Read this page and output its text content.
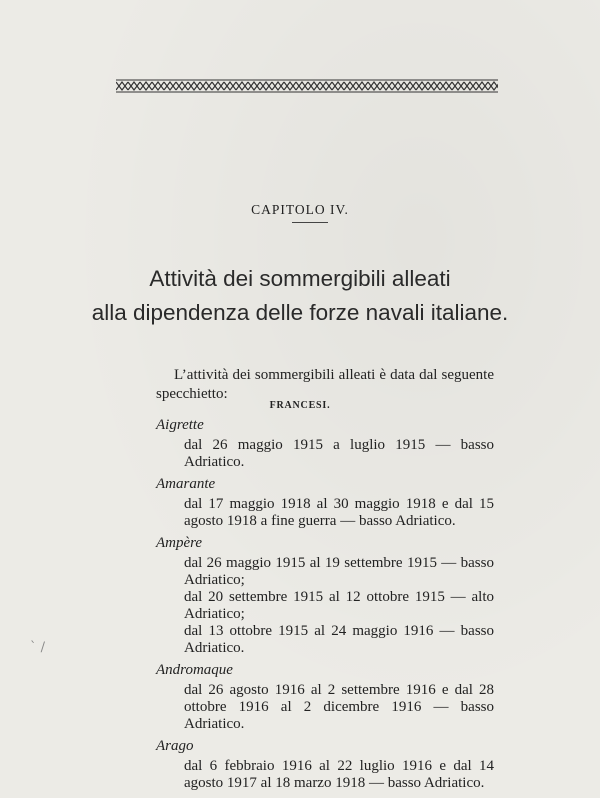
CAPITOLO IV.
Attività dei sommergibili alleati
alla dipendenza delle forze navali italiane.
L’attività dei sommergibili alleati è data dal seguente specchietto:
FRANCESI.
Aigrette
dal 26 maggio 1915 a luglio 1915 — basso Adriatico.
Amarante
dal 17 maggio 1918 al 30 maggio 1918 e dal 15 agosto 1918 a fine guerra — basso Adriatico.
Ampère
dal 26 maggio 1915 al 19 settembre 1915 — basso Adriatico;
dal 20 settembre 1915 al 12 ottobre 1915 — alto Adriatico;
dal 13 ottobre 1915 al 24 maggio 1916 — basso Adriatico.
Andromaque
dal 26 agosto 1916 al 2 settembre 1916 e dal 28 ottobre 1916 al 2 dicembre 1916 — basso Adriatico.
Arago
dal 6 febbraio 1916 al 22 luglio 1916 e dal 14 agosto 1917 al 18 marzo 1918 — basso Adriatico.
` /
